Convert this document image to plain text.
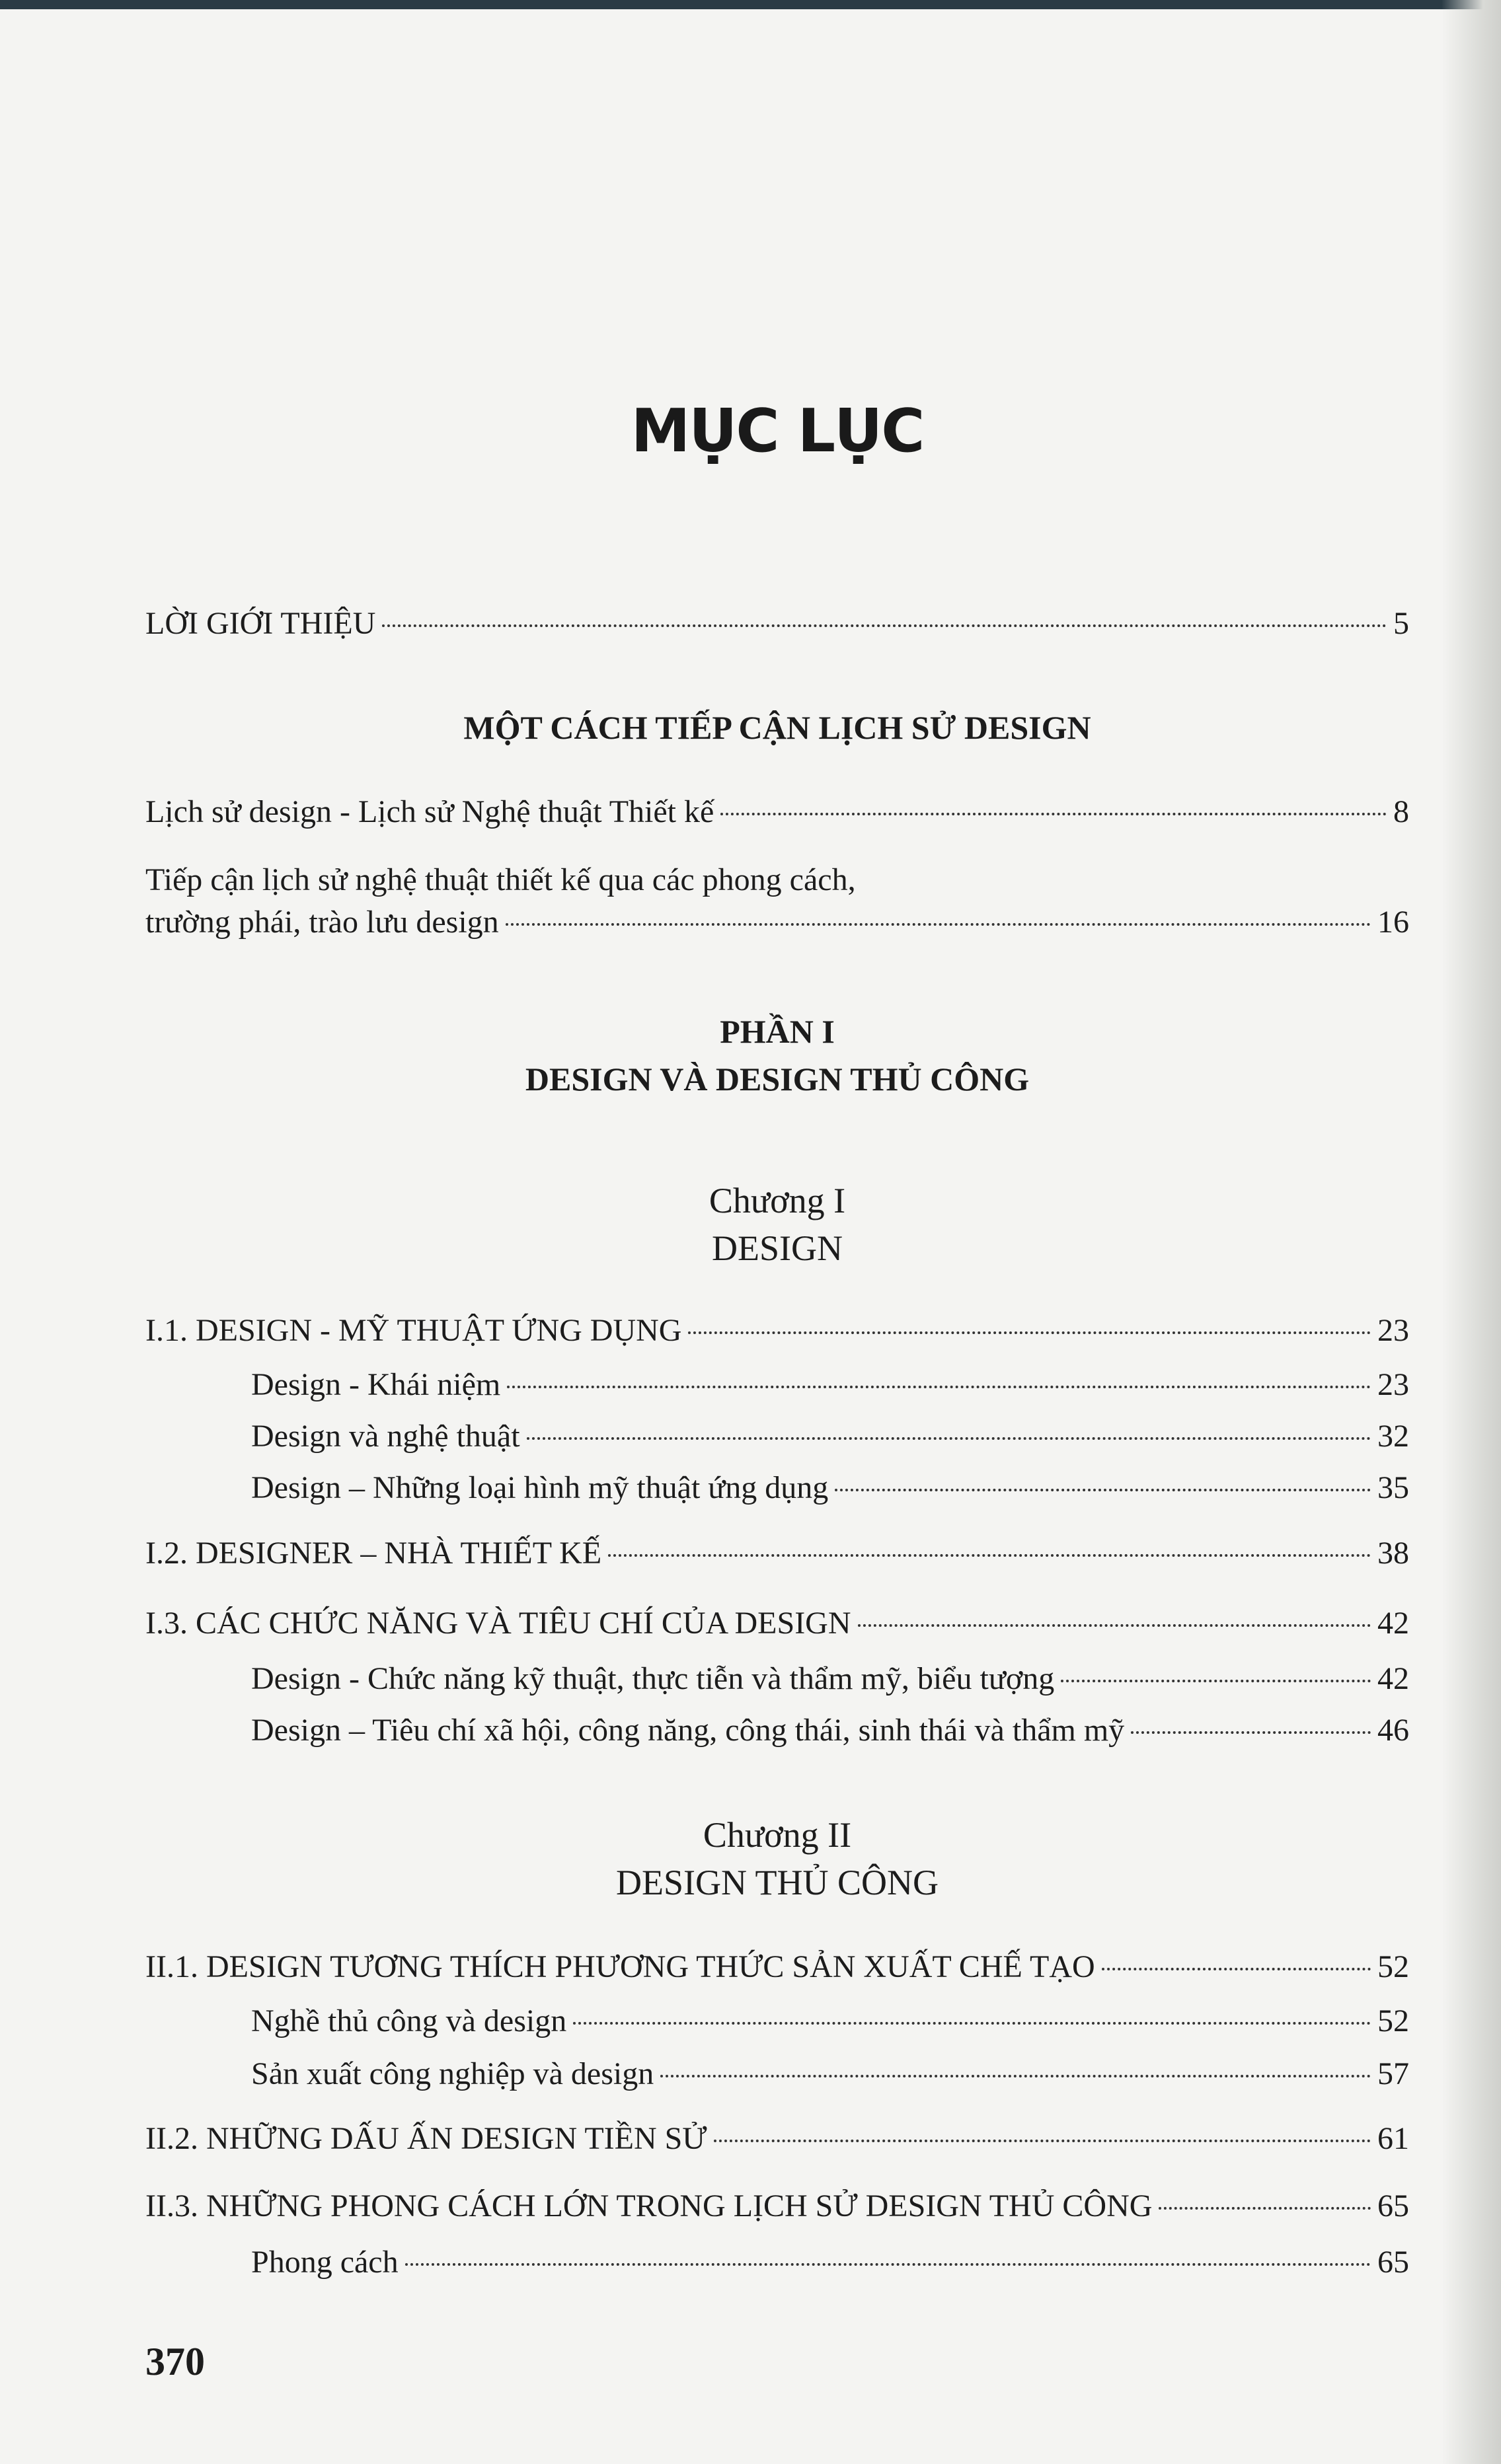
MỤC LỤC
LỜI GIỚI THIỆU	5
MỘT CÁCH TIẾP CẬN LỊCH SỬ DESIGN
Lịch sử design - Lịch sử Nghệ thuật Thiết kế	8
Tiếp cận lịch sử nghệ thuật thiết kế qua các phong cách,
trường phái, trào lưu design	16
PHẦN I
DESIGN VÀ DESIGN THỦ CÔNG
Chương I
DESIGN
I.1. DESIGN - MỸ THUẬT ỨNG DỤNG	23
Design - Khái niệm	23
Design và nghệ thuật	32
Design – Những loại hình mỹ thuật ứng dụng	35
I.2. DESIGNER – NHÀ THIẾT KẾ	38
I.3. CÁC CHỨC NĂNG VÀ TIÊU CHÍ CỦA DESIGN	42
Design - Chức năng kỹ thuật, thực tiễn và thẩm mỹ, biểu tượng	42
Design – Tiêu chí xã hội, công năng, công thái, sinh thái và thẩm mỹ	46
Chương II
DESIGN THỦ CÔNG
II.1. DESIGN TƯƠNG THÍCH PHƯƠNG THỨC SẢN XUẤT CHẾ TẠO	52
Nghề thủ công và design	52
Sản xuất công nghiệp và design	57
II.2. NHỮNG DẤU ẤN DESIGN TIỀN SỬ	61
II.3. NHỮNG PHONG CÁCH LỚN TRONG LỊCH SỬ DESIGN THỦ CÔNG	65
Phong cách	65
370
